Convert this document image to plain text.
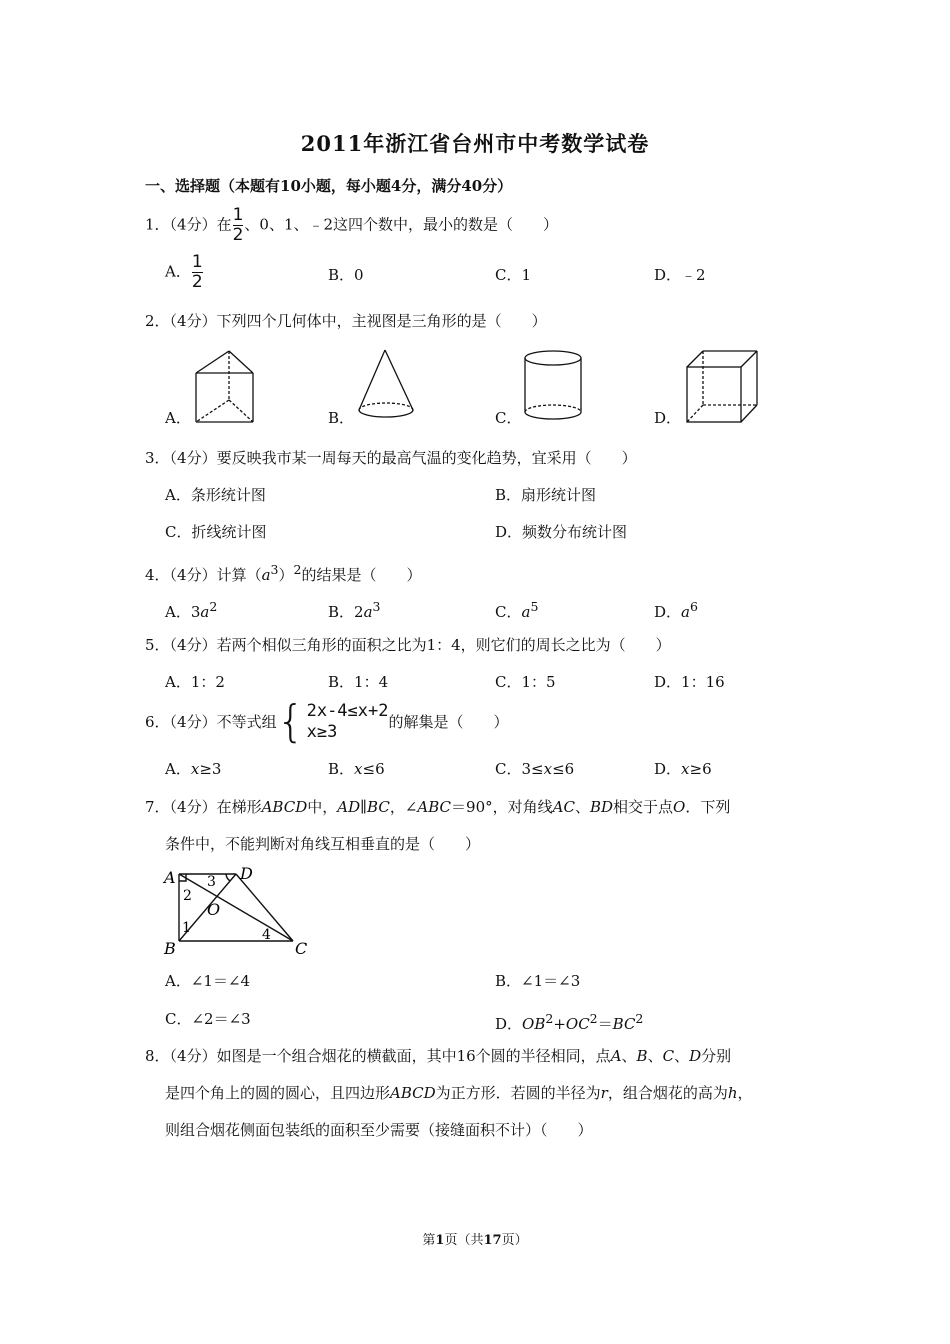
2011年浙江省台州市中考数学试卷
一、选择题（本题有10小题，每小题4分，满分40分）
1．（4分）在 $\frac{1}{2}$ 、0、1、﹣2这四个数中，最小的数是（　　）
A． $\frac{1}{2}$	B．0	C．1	D．﹣2
2．（4分）下列四个几何体中，主视图是三角形的是（　　）
A．	B．	C．	D．
3．（4分）要反映我市某一周每天的最高气温的变化趋势，宜采用（　　）
A．条形统计图	B．扇形统计图
C．折线统计图	D．频数分布统计图
4．（4分）计算$(a^3)^2$的结果是（　　）
A．$3a^2$	B．$2a^3$	C．$a^5$	D．$a^6$
5．（4分）若两个相似三角形的面积之比为1：4，则它们的周长之比为（　　）
A．1：2	B．1：4	C．1：5	D．1：16
6．（4分）不等式组 { 2x-4≤x+2
x≥3	的解集是（　　）
A．x≥3	B．x≤6	C．3≤x≤6	D．x≥6
7．（4分）在梯形ABCD中，AD∥BC，∠ABC＝90°，对角线AC、BD相交于点O．下列
条件中，不能判断对角线互相垂直的是（　　）
A	D
B	C
O
1
2
3
4
A．∠1＝∠4	B．∠1＝∠3
C．∠2＝∠3	D．$OB^2+OC^2=BC^2$
8．（4分）如图是一个组合烟花的横截面，其中16个圆的半径相同，点A、B、C、D分别
是四个角上的圆的圆心，且四边形ABCD为正方形．若圆的半径为r，组合烟花的高为h，
则组合烟花侧面包装纸的面积至少需要（接缝面积不计）（　　）
第1页（共17页）
